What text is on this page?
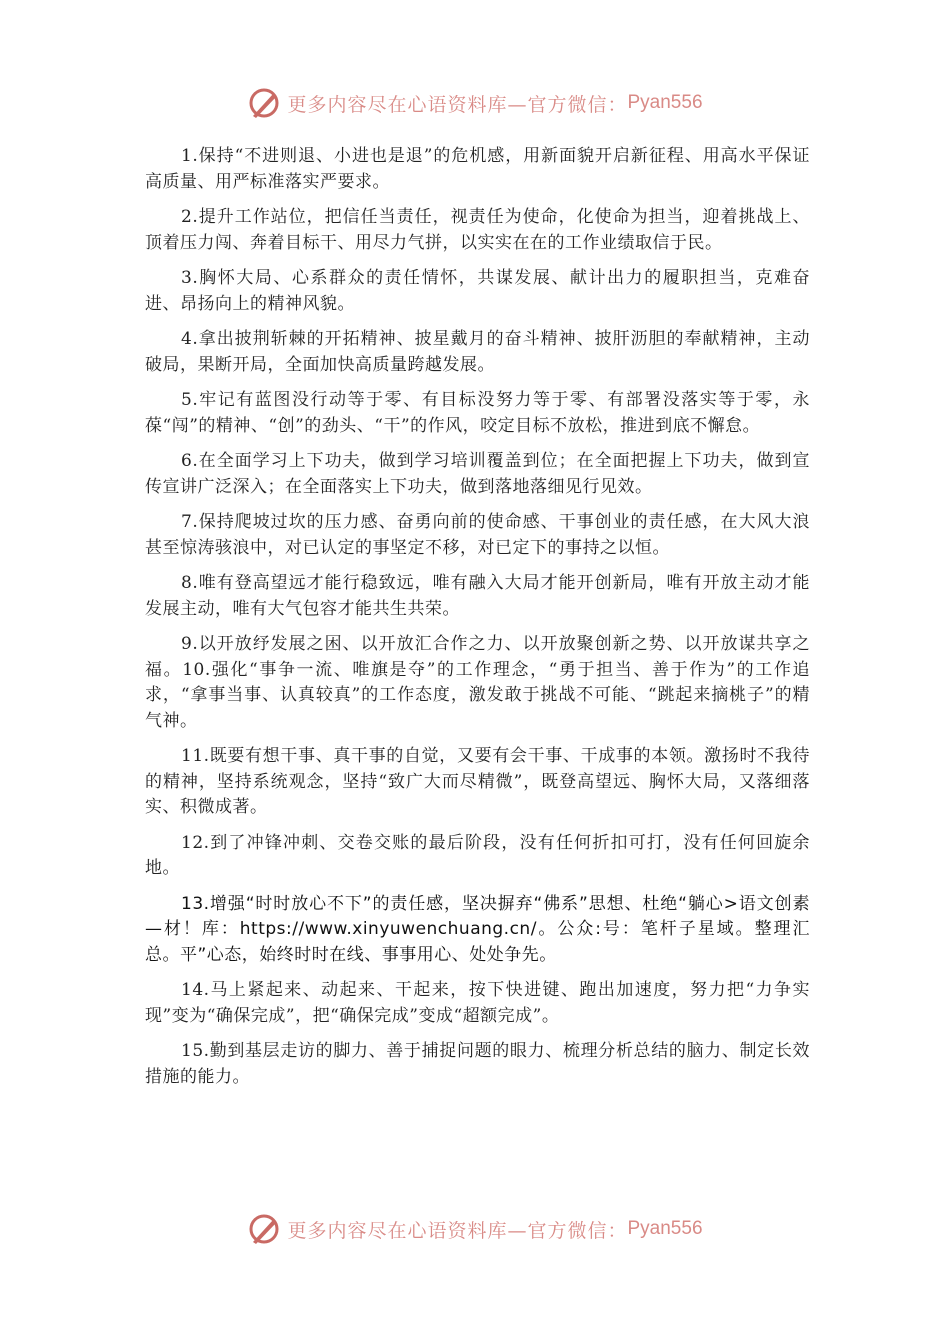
更多内容尽在心语资料库—官方微信： Pyan556

1.保持“不进则退、小进也是退”的危机感，用新面貌开启新征程、用高水平保证高质量、用严标准落实严要求。

2.提升工作站位，把信任当责任，视责任为使命，化使命为担当，迎着挑战上、顶着压力闯、奔着目标干、用尽力气拼，以实实在在的工作业绩取信于民。

3.胸怀大局、心系群众的责任情怀，共谋发展、献计出力的履职担当，克难奋进、昂扬向上的精神风貌。

4.拿出披荆斩棘的开拓精神、披星戴月的奋斗精神、披肝沥胆的奉献精神，主动破局，果断开局，全面加快高质量跨越发展。

5.牢记有蓝图没行动等于零、有目标没努力等于零、有部署没落实等于零，永葆“闯”的精神、“创”的劲头、“干”的作风，咬定目标不放松，推进到底不懈怠。

6.在全面学习上下功夫，做到学习培训覆盖到位；在全面把握上下功夫，做到宣传宣讲广泛深入；在全面落实上下功夫，做到落地落细见行见效。

7.保持爬坡过坎的压力感、奋勇向前的使命感、干事创业的责任感，在大风大浪甚至惊涛骇浪中，对已认定的事坚定不移，对已定下的事持之以恒。

8.唯有登高望远才能行稳致远，唯有融入大局才能开创新局，唯有开放主动才能发展主动，唯有大气包容才能共生共荣。

9.以开放纾发展之困、以开放汇合作之力、以开放聚创新之势、以开放谋共享之福。10.强化“事争一流、唯旗是夺”的工作理念，“勇于担当、善于作为”的工作追求，“拿事当事、认真较真”的工作态度，激发敢于挑战不可能、“跳起来摘桃子”的精气神。

11.既要有想干事、真干事的自觉，又要有会干事、干成事的本领。激扬时不我待的精神，坚持系统观念，坚持“致广大而尽精微”，既登高望远、胸怀大局，又落细落实、积微成著。

12.到了冲锋冲刺、交卷交账的最后阶段，没有任何折扣可打，没有任何回旋余地。

13.增强“时时放心不下”的责任感，坚决摒弃“佛系”思想、杜绝“躺心>语文创素—材！库：https://www.xinyuwenchuang.cn/。公众:号：笔杆子星域。整理汇总。平”心态，始终时时在线、事事用心、处处争先。

14.马上紧起来、动起来、干起来，按下快进键、跑出加速度，努力把“力争实现”变为“确保完成”，把“确保完成”变成“超额完成”。

15.勤到基层走访的脚力、善于捕捉问题的眼力、梳理分析总结的脑力、制定长效措施的能力。

更多内容尽在心语资料库—官方微信： Pyan556
